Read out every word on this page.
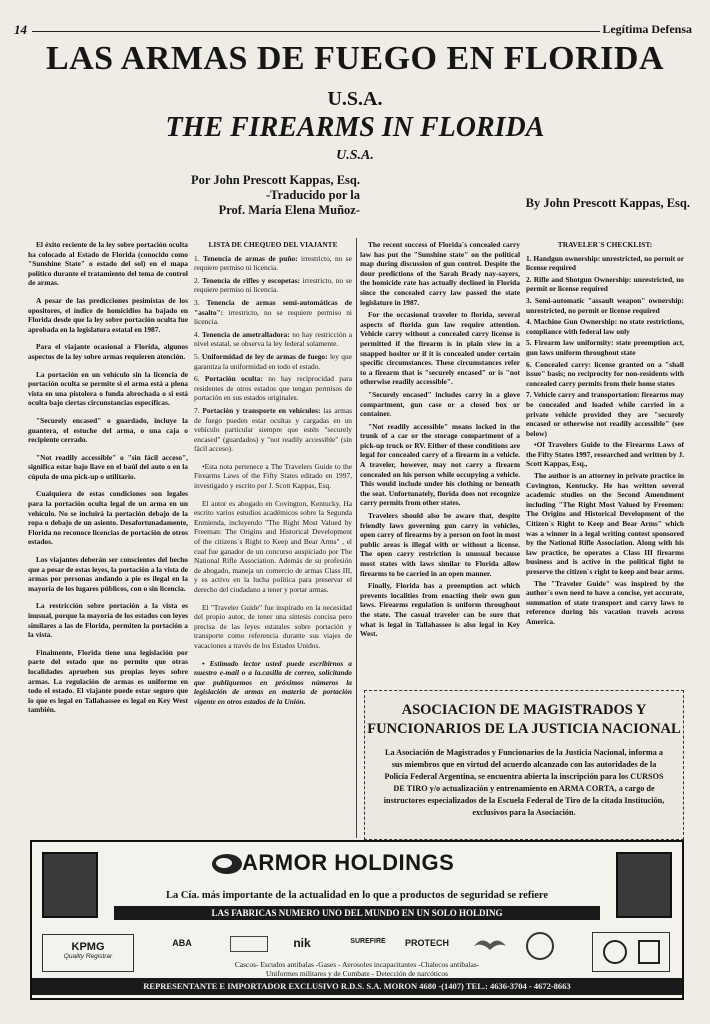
14	Legítima Defensa
LAS ARMAS DE FUEGO EN FLORIDA
U.S.A.
THE FIREARMS IN FLORIDA
U.S.A.
Por John Prescott Kappas, Esq.
-Traducido por la
Prof. María Elena Muñoz-	By John Prescott Kappas, Esq.

El éxito reciente de la ley sobre portación oculta ha colocado al Estado de Florida (conocido como "Sunshine State" o estado del sol) en el mapa político durante el tratamiento del tema de control de armas.

A pesar de las predicciones pesimistas de los opositores, el índice de homicidios ha bajado en Florida desde que la ley sobre portación oculta fue aprobada en la legislatura estatal en 1987.

Para el viajante ocasional a Florida, algunos aspectos de la ley sobre armas requieren atención.

La portación en un vehículo sin la licencia de portación oculta se permite si el arma está a plena vista en una pistolera o funda abrochada o si está oculta bajo ciertas circunstancias específicas.

"Securely encased" o guardado, incluye la guantera, el estuche del arma, o una caja o recipiente cerrado.

"Not readily accessible" o "sin fácil acceso", significa estar bajo llave en el baúl del auto o en la cúpula de una pick-up o utilitario.

Cualquiera de estas condiciones son legales para la portación oculta legal de un arma en un vehículo. No se incluirá la portación debajo de la ropa o debajo de un asiento. Desafortunadamente, Florida no reconoce licencias de portación de otros estados.

Los viajantes deberán ser conscientes del hecho que a pesar de estas leyes, la portación a la vista de armas por personas andando a pie es ilegal en la mayoría de los lugares públicos, con o sin licencia.

La restricción sobre portación a la vista es inusual, porque la mayoría de los estados con leyes similares a las de Florida, permiten la portación a la vista.

Finalmente, Florida tiene una legislación por parte del estado que no permite que otras localidades aprueben sus propias leyes sobre armas. La regulación de armas es uniforme en todo el estado. El viajante puede estar seguro que lo que es legal en Tallahassee es legal en Key West también.

LISTA DE CHEQUEO DEL VIAJANTE
1. Tenencia de armas de puño: irrestricto, no se requiere permiso ni licencia.
2. Tenencia de rifles y escopetas: irrestricto, no se requiere permiso ni licencia.
3. Tenencia de armas semi-automáticas de "asalto": irrestricto, no se requiere permiso ni licencia.
4. Tenencia de ametralladora: no hay restricción a nivel estatal, se observa la ley federal solamente.
5. Uniformidad de ley de armas de fuego: ley que garantiza la uniformidad en todo el estado.
6. Portación oculta: no hay reciprocidad para residentes de otros estados que tengan permisos de portación en sus estados originales.
7. Portación y transporte en vehículos: las armas de fuego pueden estar ocultas y cargadas en un vehículo particular siempre que estén "securely encased" (guardados) y "not readily accessible" (sin fácil acceso).

•Esta nota pertenece a The Travelers Guide to the Firearms Laws of the Fifty States editado en 1997, investigado y escrito por J. Scott Kappas, Esq.

El autor es abogado en Covington, Kentucky. Ha escrito varios estudios académicos sobre la Segunda Enmienda, incluyendo "The Right Most Valued by Freeman: The Origins and Historical Development of the citizens´s Right to Keep and Bear Arms" , el cual fue ganador de un concurso auspiciado por The National Rifle Association. Además de su profesión de abogado, maneja un comercio de armas Class III, y es activo en la lucha política para preservar el derecho del ciudadano a tener y portar armas.

El "Traveler Guide" fue inspirado en la necesidad del propio autor, de tener una síntesis concisa pero precisa de las leyes estatales sobre portación y transporte como referencia durante sus viajes de vacaciones a través de los Estados Unidos.

• Estimado lector usted puede escribirnos a nuestro e-mail o a la.casilla de correo, solicitando que publiquemos en próximos números la legislación de armas en materia de portación vigente en otros estados de la Unión.

The recent success of Florida´s concealed carry law has put the "Sunshine state" on the political map during discussion of gun control. Despite the dour predictions of the Sarah Brady nay-sayers, the homicide rate has actually declined in Florida since the concealed carry law passed the state legislature in 1987.

For the occasional traveler to florida, several aspects of florida gun law require attention. Vehicle carry without a concealed carry license is permitted if the firearm is in plain view in a snapped hoslter or if it is concealed under certain specific circumstances. These circumstances refer to a firearm that is "securely encased" or is "not otherwise readily accessible".

"Securely encased" includes carry in a glove compartment, gun case or a closed box or container.

"Not readily accessible" means locked in the trunk of a car or the storage compartment of a pick-up truck or RV. Either of these conditions are legal for concealed carry of a firearm in a vehicle. A traveler, however, may not carry a firearm concealed on his person while occupying a vehicle. This would include under his clothing or beneath the seat. Unfortunately, florida does not recognize carry permits from other states.

Travelers should also be aware that, despite friendly laws governing gun carry in vehicles, open carry of firearms by a person on foot in most public areas is illegal with or without a license. The open carry restriction is unusual because most states with laws similar to Florida allow firearms to be carried in an open manner.

Finally, Florida has a preemption act which prevents localities from enacting their own gun laws. Firearms regulation is uniform throughout the state. The casual traveler can be sure that what is legal in Tallahassee is also legal in Key West.

TRAVELER´S CHECKLIST:
1. Handgun ownership: unrestricted, no permit or license required
2. Rifle and Shotgun Ownership: unrestricted, no permit or license required
3. Semi-automatic "assault weapon" ownership: unrestricted, no permit or license required
4. Machine Gun Ownership: no state restrictions, compliance with federal law only
5. Firearm law uniformity: state preemption act, gun laws uniform throughout state
6. Concealed carry: license granted on a "shall issue" basis; no reciprocity for non-residents with concealed carry permits from their home states
7. Vehicle carry and transportation: firearms may be concealed and loaded while carried in a private vehicle provided they are "securely encased or otherwise not readily accessible" (see below)

•Of Travelers Guide to the Firearms Laws of the Fifty States 1997, researched and written by J. Scott Kappas, Esq.,

The author is an attorney in private practice in Covington, Kentucky. He has written several academic studies on the Second Amendment including "The Right Most Valued by Freemen: The Origins and Historical Development of the Citizen´s Right to Keep and Bear Arms" which was a winner in a legal writing contest sponsored by the National Rifle Association. Along with his law practice, he operates a Class III firearms business and is active in the political fight to preserve the citizen´s right to keep and bear arms.

The "Traveler Guide" was inspired by the author´s own need to have a concise, yet accurate, summation of state transport and carry laws to reference during his vacation travels across America.

ASOCIACION DE MAGISTRADOS Y FUNCIONARIOS DE LA JUSTICIA NACIONAL
La Asociación de Magistrados y Funcionarios de la Justicia Nacional, informa a sus miembros que en virtud del acuerdo alcanzado con las autoridades de la Policía Federal Argentina, se encuentra abierta la inscripción para los CURSOS DE TIRO y/o actualización y entrenamiento en ARMA CORTA, a cargo de instructores especializados de la Escuela Federal de Tiro de la citada Institución, exclusivos para la Asociación.
ARMOR HOLDINGS
La Cía. más importante de la actualidad en lo que a productos de seguridad se refiere
LAS FABRICAS NUMERO UNO DEL MUNDO EN UN SOLO HOLDING
KPMG
Quality Registrar
ABA	nik	SUREFIRE	PROTECH
Cascos- Escudos antibalas -Gases - Aerosoles incapacitantes -Chalecos antibalas-
Uniformes militares y de Combate - Detección de narcóticos
REPRESENTANTE E IMPORTADOR EXCLUSIVO R.D.S. S.A. MORON 4680 -(1407) TEL.: 4636-3704 - 4672-8663
